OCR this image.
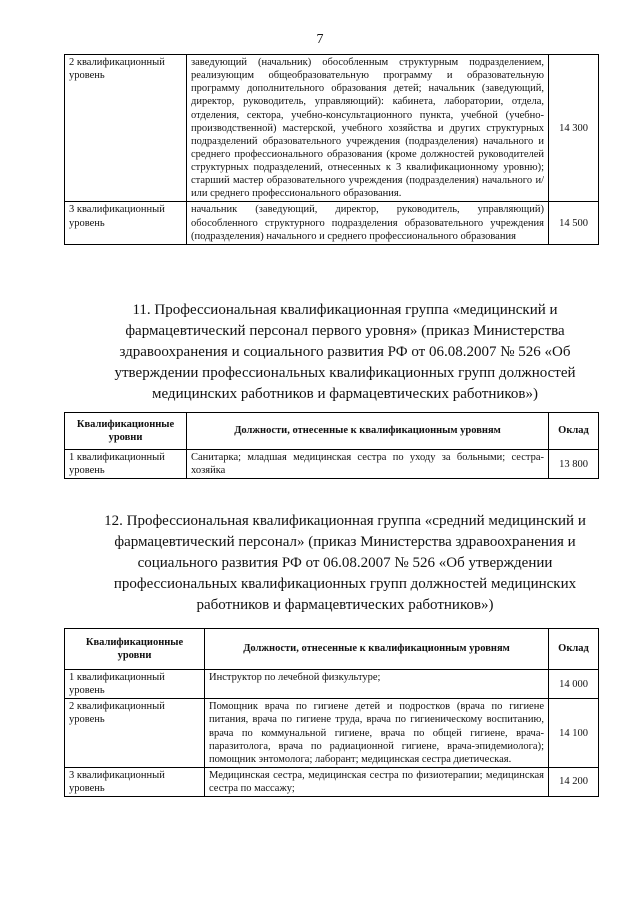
7
2 квалификационный уровень	заведующий (начальник) обособленным структурным подразделением, реализующим общеобразовательную программу и образовательную программу дополнительного образования детей; начальник (заведующий, директор, руководитель, управляющий): кабинета, лаборатории, отдела, отделения, сектора, учебно-консультационного пункта, учебной (учебно-производственной) мастерской, учебного хозяйства и других структурных подразделений образовательного учреждения (подразделения) начального и среднего профессионального образования (кроме должностей руководителей структурных подразделений, отнесенных к 3 квалификационному уровню); старший мастер образовательного учреждения (подразделения) начального и/ или среднего профессионального образования.	14 300
3 квалификационный уровень	начальник (заведующий, директор, руководитель, управляющий) обособленного структурного подразделения образовательного учреждения (подразделения) начального и среднего профессионального образования	14 500
11. Профессиональная квалификационная группа «медицинский и фармацевтический персонал первого уровня» (приказ Министерства здравоохранения и социального развития РФ от 06.08.2007 № 526 «Об утверждении профессиональных квалификационных групп должностей медицинских работников и фармацевтических работников»)
Квалификационные уровни	Должности, отнесенные к квалификационным уровням	Оклад
1 квалификационный уровень	Санитарка; младшая медицинская сестра по уходу за больными; сестра-хозяйка	13 800
12. Профессиональная квалификационная группа «средний медицинский и фармацевтический персонал» (приказ Министерства здравоохранения и социального развития РФ от 06.08.2007 № 526 «Об утверждении профессиональных квалификационных групп должностей медицинских работников и фармацевтических работников»)
Квалификационные уровни	Должности, отнесенные к квалификационным уровням	Оклад
1 квалификационный уровень	Инструктор по лечебной физкультуре;	14 000
2 квалификационный уровень	Помощник врача по гигиене детей и подростков (врача по гигиене питания, врача по гигиене труда, врача по гигиеническому воспитанию, врача по коммунальной гигиене, врача по общей гигиене, врача-паразитолога, врача по радиационной гигиене, врача-эпидемиолога); помощник энтомолога; лаборант; медицинская сестра диетическая.	14 100
3 квалификационный уровень	Медицинская сестра, медицинская сестра по физиотерапии; медицинская сестра по массажу;	14 200
